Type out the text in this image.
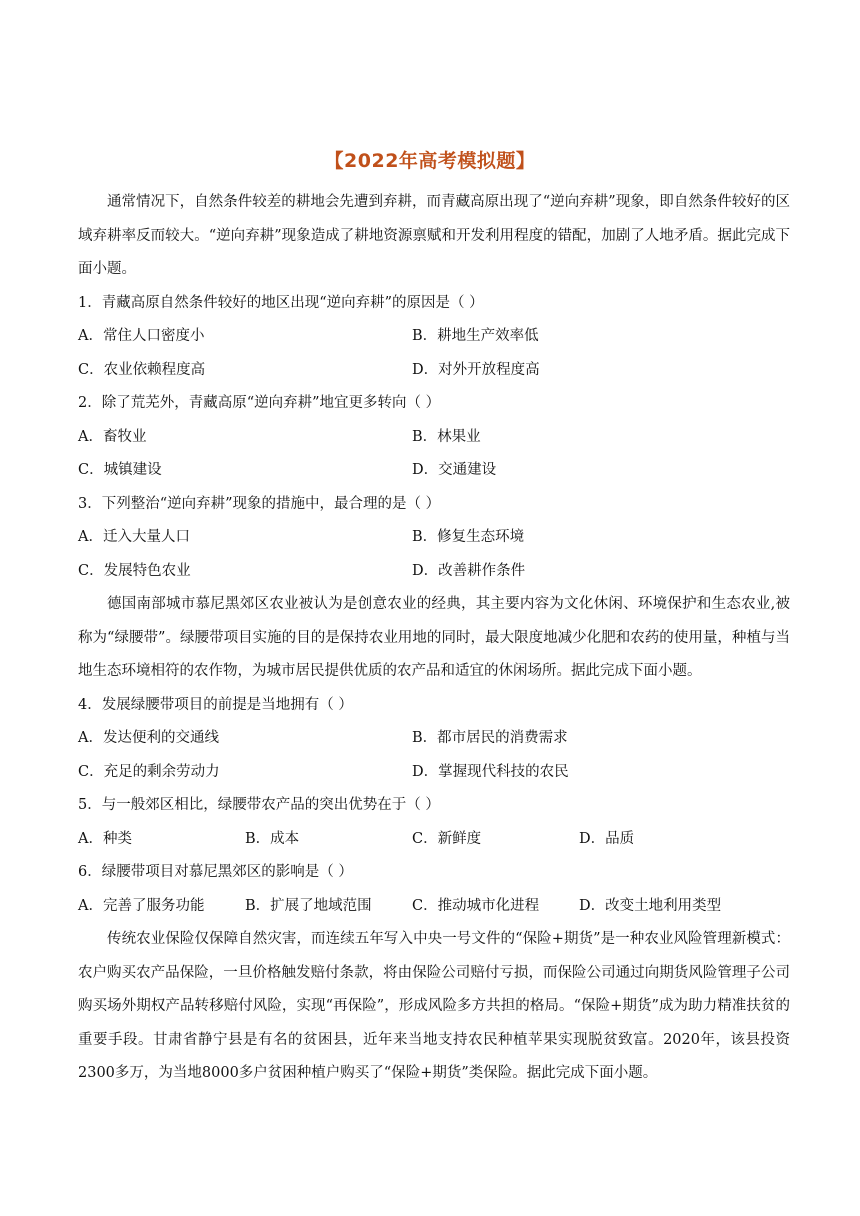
【2022年高考模拟题】

通常情况下，自然条件较差的耕地会先遭到弃耕，而青藏高原出现了“逆向弃耕”现象，即自然条件较好的区域弃耕率反而较大。“逆向弃耕”现象造成了耕地资源禀赋和开发利用程度的错配，加剧了人地矛盾。据此完成下面小题。

1．青藏高原自然条件较好的地区出现“逆向弃耕”的原因是（ ）

A．常住人口密度小	B．耕地生产效率低
C．农业依赖程度高	D．对外开放程度高

2．除了荒芜外，青藏高原“逆向弃耕”地宜更多转向（ ）

A．畜牧业	B．林果业
C．城镇建设	D．交通建设

3．下列整治“逆向弃耕”现象的措施中，最合理的是（ ）

A．迁入大量人口	B．修复生态环境
C．发展特色农业	D．改善耕作条件

德国南部城市慕尼黑郊区农业被认为是创意农业的经典，其主要内容为文化休闲、环境保护和生态农业,被称为“绿腰带”。绿腰带项目实施的目的是保持农业用地的同时，最大限度地减少化肥和农药的使用量，种植与当地生态环境相符的农作物，为城市居民提供优质的农产品和适宜的休闲场所。据此完成下面小题。

4．发展绿腰带项目的前提是当地拥有（ ）

A．发达便利的交通线	B．都市居民的消费需求
C．充足的剩余劳动力	D．掌握现代科技的农民

5．与一般郊区相比，绿腰带农产品的突出优势在于（ ）

A．种类	B．成本	C．新鲜度	D．品质

6．绿腰带项目对慕尼黑郊区的影响是（ ）

A．完善了服务功能	B．扩展了地域范围	C．推动城市化进程	D．改变土地利用类型

传统农业保险仅保障自然灾害，而连续五年写入中央一号文件的“保险+期货”是一种农业风险管理新模式：农户购买农产品保险，一旦价格触发赔付条款，将由保险公司赔付亏损，而保险公司通过向期货风险管理子公司购买场外期权产品转移赔付风险，实现“再保险”，形成风险多方共担的格局。“保险+期货”成为助力精准扶贫的重要手段。甘肃省静宁县是有名的贫困县，近年来当地支持农民种植苹果实现脱贫致富。2020年，该县投资2300多万，为当地8000多户贫困种植户购买了“保险+期货”类保险。据此完成下面小题。
